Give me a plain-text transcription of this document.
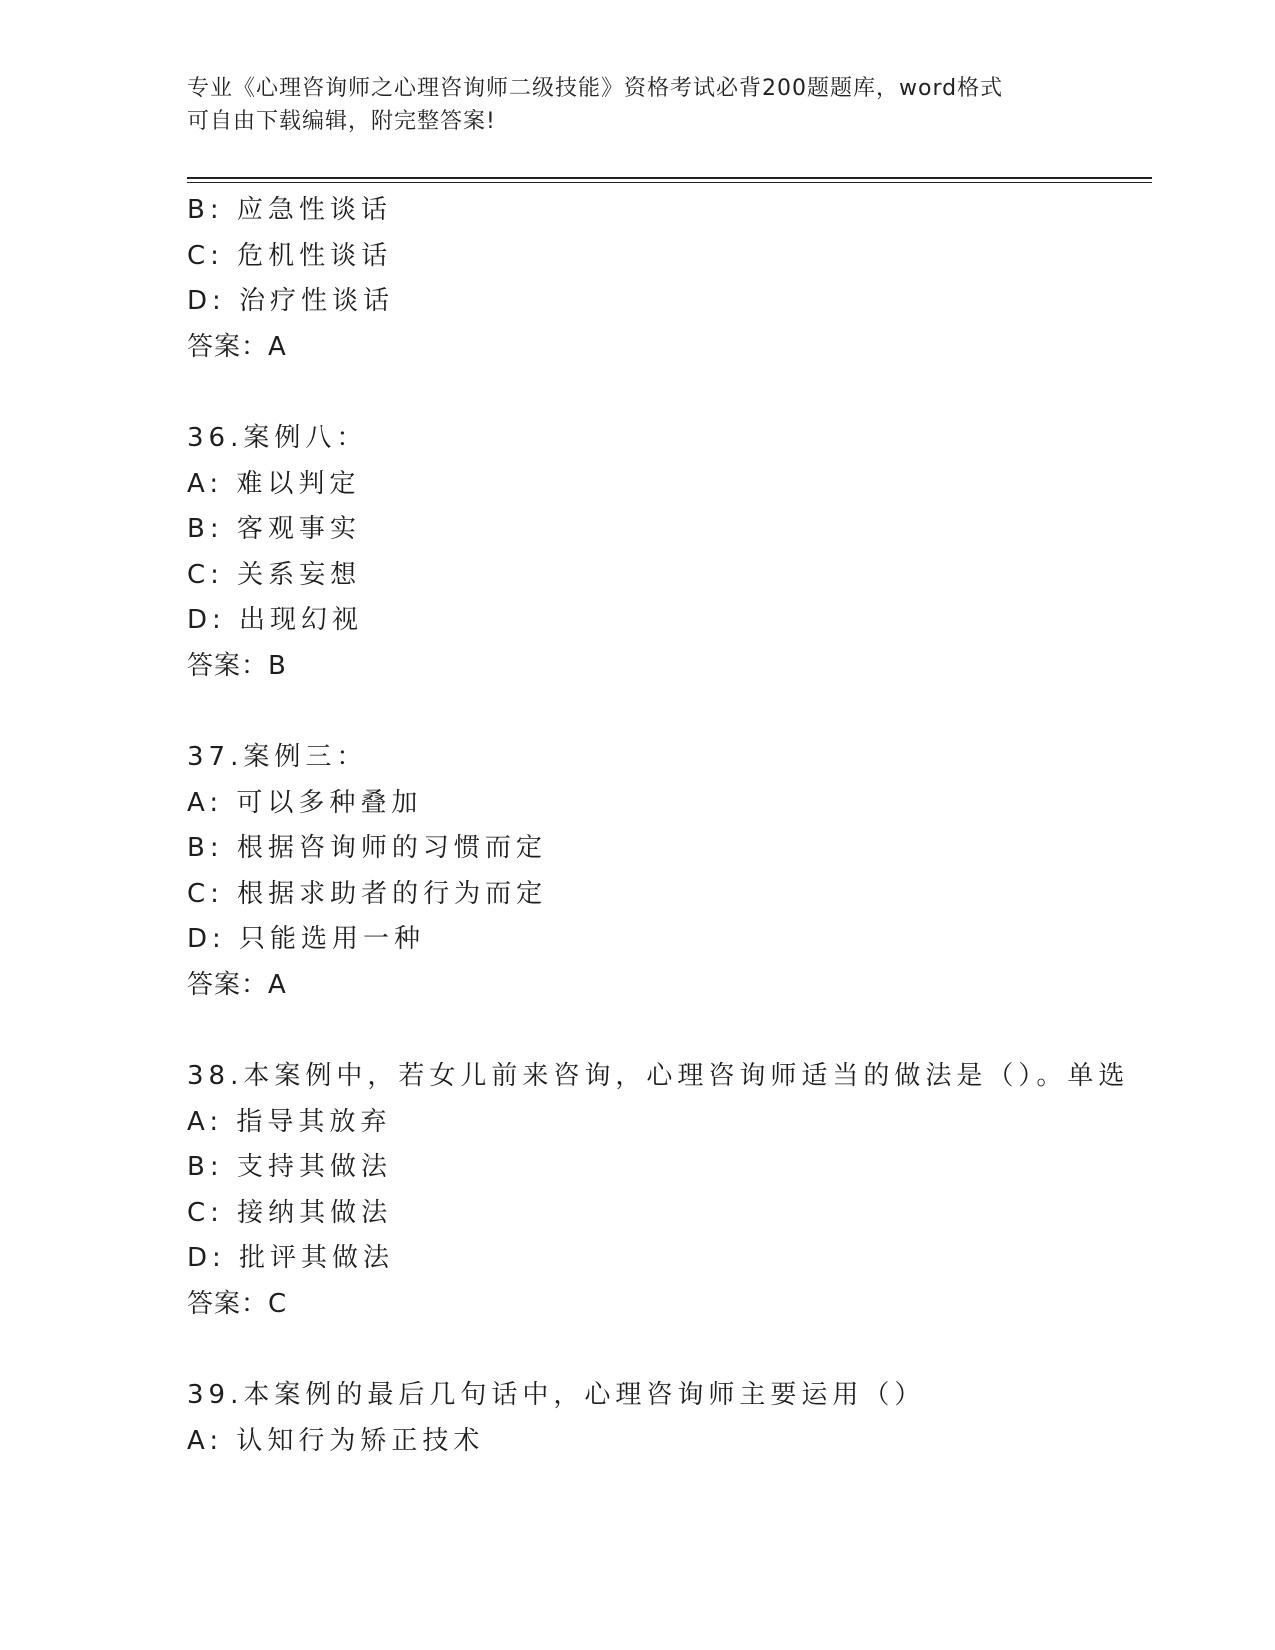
专业《心理咨询师之心理咨询师二级技能》资格考试必背200题题库，word格式
可自由下载编辑，附完整答案!
B: 应急性谈话
C: 危机性谈话
D: 治疗性谈话
答案：A
36.案例八：
A: 难以判定
B: 客观事实
C: 关系妄想
D: 出现幻视
答案：B
37.案例三：
A: 可以多种叠加
B: 根据咨询师的习惯而定
C: 根据求助者的行为而定
D: 只能选用一种
答案：A
38.本案例中，若女儿前来咨询，心理咨询师适当的做法是（）。单选
A: 指导其放弃
B: 支持其做法
C: 接纳其做法
D: 批评其做法
答案：C
39.本案例的最后几句话中，心理咨询师主要运用（）
A: 认知行为矫正技术
